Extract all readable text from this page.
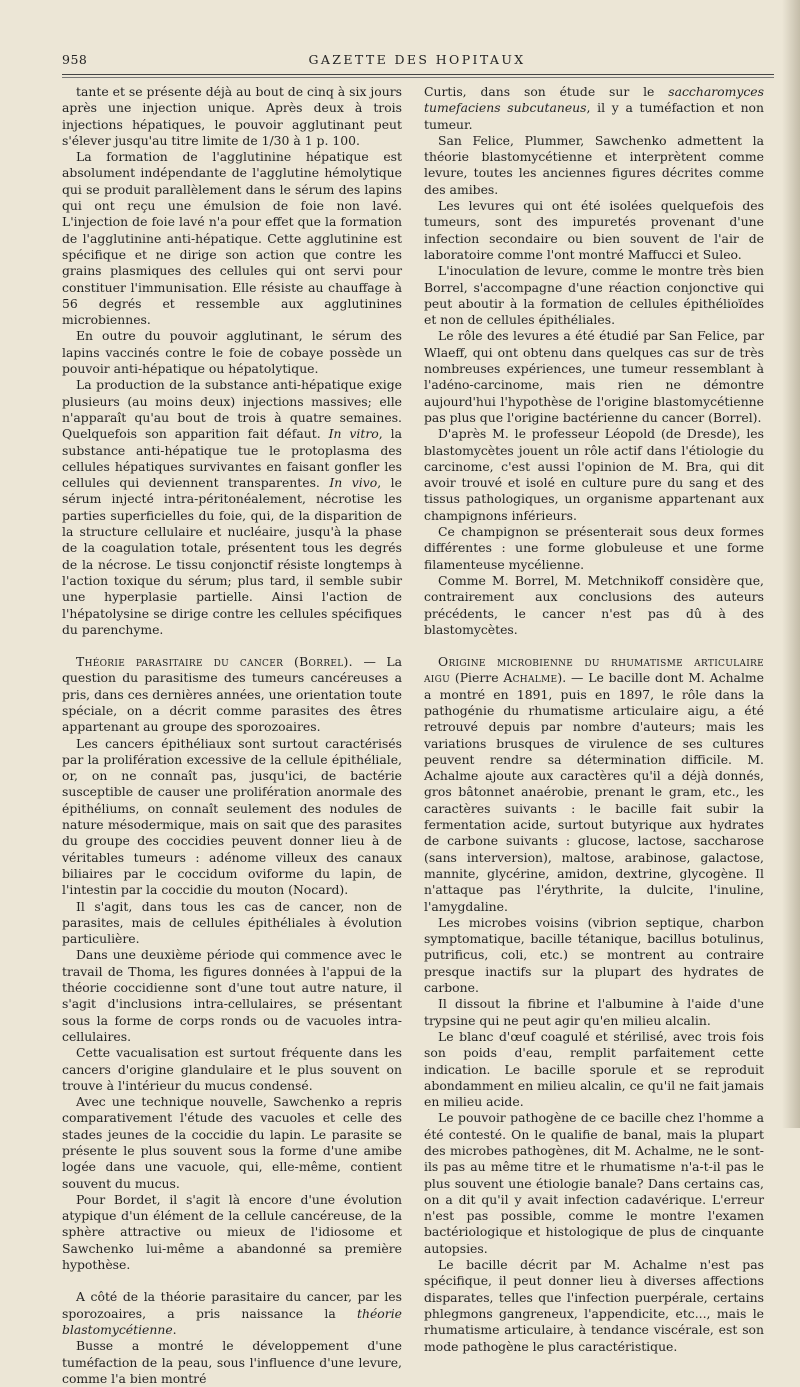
958	GAZETTE DES HOPITAUX

tante et se présente déjà au bout de cinq à six jours après une injection unique. Après deux à trois injections hépatiques, le pouvoir agglutinant peut s'élever jusqu'au titre limite de 1/30 à 1 p. 100.

La formation de l'agglutinine hépatique est absolument indépendante de l'agglutine hémolytique qui se produit parallèlement dans le sérum des lapins qui ont reçu une émulsion de foie non lavé. L'injection de foie lavé n'a pour effet que la formation de l'agglutinine anti-hépatique. Cette agglutinine est spécifique et ne dirige son action que contre les grains plasmiques des cellules qui ont servi pour constituer l'immunisation. Elle résiste au chauffage à 56 degrés et ressemble aux agglutinines microbiennes.

En outre du pouvoir agglutinant, le sérum des lapins vaccinés contre le foie de cobaye possède un pouvoir anti-hépatique ou hépatolytique.

La production de la substance anti-hépatique exige plusieurs (au moins deux) injections massives; elle n'apparaît qu'au bout de trois à quatre semaines. Quelquefois son apparition fait défaut. In vitro, la substance anti-hépatique tue le protoplasma des cellules hépatiques survivantes en faisant gonfler les cellules qui deviennent transparentes. In vivo, le sérum injecté intra-péritonéalement, nécrotise les parties superficielles du foie, qui, de la disparition de la structure cellulaire et nucléaire, jusqu'à la phase de la coagulation totale, présentent tous les degrés de la nécrose. Le tissu conjonctif résiste longtemps à l'action toxique du sérum; plus tard, il semble subir une hyperplasie partielle. Ainsi l'action de l'hépatolysine se dirige contre les cellules spécifiques du parenchyme.

Théorie parasitaire du cancer (Borrel). — La question du parasitisme des tumeurs cancéreuses a pris, dans ces dernières années, une orientation toute spéciale, on a décrit comme parasites des êtres appartenant au groupe des sporozoaires.

Les cancers épithéliaux sont surtout caractérisés par la prolifération excessive de la cellule épithéliale, or, on ne connaît pas, jusqu'ici, de bactérie susceptible de causer une prolifération anormale des épithéliums, on connaît seulement des nodules de nature mésodermique, mais on sait que des parasites du groupe des coccidies peuvent donner lieu à de véritables tumeurs : adénome villeux des canaux biliaires par le coccidum oviforme du lapin, de l'intestin par la coccidie du mouton (Nocard).

Il s'agit, dans tous les cas de cancer, non de parasites, mais de cellules épithéliales à évolution particulière.

Dans une deuxième période qui commence avec le travail de Thoma, les figures données à l'appui de la théorie coccidienne sont d'une tout autre nature, il s'agit d'inclusions intra-cellulaires, se présentant sous la forme de corps ronds ou de vacuoles intra-cellulaires.

Cette vacualisation est surtout fréquente dans les cancers d'origine glandulaire et le plus souvent on trouve à l'intérieur du mucus condensé.

Avec une technique nouvelle, Sawchenko a repris comparativement l'étude des vacuoles et celle des stades jeunes de la coccidie du lapin. Le parasite se présente le plus souvent sous la forme d'une amibe logée dans une vacuole, qui, elle-même, contient souvent du mucus.

Pour Bordet, il s'agit là encore d'une évolution atypique d'un élément de la cellule cancéreuse, de la sphère attractive ou mieux de l'idiosome et Sawchenko lui-même a abandonné sa première hypothèse.

A côté de la théorie parasitaire du cancer, par les sporozoaires, a pris naissance la théorie blastomycétienne.

Busse a montré le développement d'une tuméfaction de la peau, sous l'influence d'une levure, comme l'a bien montré

Curtis, dans son étude sur le saccharomyces tumefaciens subcutaneus, il y a tuméfaction et non tumeur.

San Felice, Plummer, Sawchenko admettent la théorie blastomycétienne et interprètent comme levure, toutes les anciennes figures décrites comme des amibes.

Les levures qui ont été isolées quelquefois des tumeurs, sont des impuretés provenant d'une infection secondaire ou bien souvent de l'air de laboratoire comme l'ont montré Maffucci et Suleo.

L'inoculation de levure, comme le montre très bien Borrel, s'accompagne d'une réaction conjonctive qui peut aboutir à la formation de cellules épithélioïdes et non de cellules épithéliales.

Le rôle des levures a été étudié par San Felice, par Wlaeff, qui ont obtenu dans quelques cas sur de très nombreuses expériences, une tumeur ressemblant à l'adéno-carcinome, mais rien ne démontre aujourd'hui l'hypothèse de l'origine blastomycétienne pas plus que l'origine bactérienne du cancer (Borrel).

D'après M. le professeur Léopold (de Dresde), les blastomycètes jouent un rôle actif dans l'étiologie du carcinome, c'est aussi l'opinion de M. Bra, qui dit avoir trouvé et isolé en culture pure du sang et des tissus pathologiques, un organisme appartenant aux champignons inférieurs.

Ce champignon se présenterait sous deux formes différentes : une forme globuleuse et une forme filamenteuse mycélienne.

Comme M. Borrel, M. Metchnikoff considère que, contrairement aux conclusions des auteurs précédents, le cancer n'est pas dû à des blastomycètes.

Origine microbienne du rhumatisme articulaire aigu (Pierre Achalme). — Le bacille dont M. Achalme a montré en 1891, puis en 1897, le rôle dans la pathogénie du rhumatisme articulaire aigu, a été retrouvé depuis par nombre d'auteurs; mais les variations brusques de virulence de ses cultures peuvent rendre sa détermination difficile. M. Achalme ajoute aux caractères qu'il a déjà donnés, gros bâtonnet anaérobie, prenant le gram, etc., les caractères suivants : le bacille fait subir la fermentation acide, surtout butyrique aux hydrates de carbone suivants : glucose, lactose, saccharose (sans interversion), maltose, arabinose, galactose, mannite, glycérine, amidon, dextrine, glycogène. Il n'attaque pas l'érythrite, la dulcite, l'inuline, l'amygdaline.

Les microbes voisins (vibrion septique, charbon symptomatique, bacille tétanique, bacillus botulinus, putrificus, coli, etc.) se montrent au contraire presque inactifs sur la plupart des hydrates de carbone.

Il dissout la fibrine et l'albumine à l'aide d'une trypsine qui ne peut agir qu'en milieu alcalin.

Le blanc d'œuf coagulé et stérilisé, avec trois fois son poids d'eau, remplit parfaitement cette indication. Le bacille sporule et se reproduit abondamment en milieu alcalin, ce qu'il ne fait jamais en milieu acide.

Le pouvoir pathogène de ce bacille chez l'homme a été contesté. On le qualifie de banal, mais la plupart des microbes pathogènes, dit M. Achalme, ne le sont-ils pas au même titre et le rhumatisme n'a-t-il pas le plus souvent une étiologie banale? Dans certains cas, on a dit qu'il y avait infection cadavérique. L'erreur n'est pas possible, comme le montre l'examen bactériologique et histologique de plus de cinquante autopsies.

Le bacille décrit par M. Achalme n'est pas spécifique, il peut donner lieu à diverses affections disparates, telles que l'infection puerpérale, certains phlegmons gangreneux, l'appendicite, etc..., mais le rhumatisme articulaire, à tendance viscérale, est son mode pathogène le plus caractéristique.
